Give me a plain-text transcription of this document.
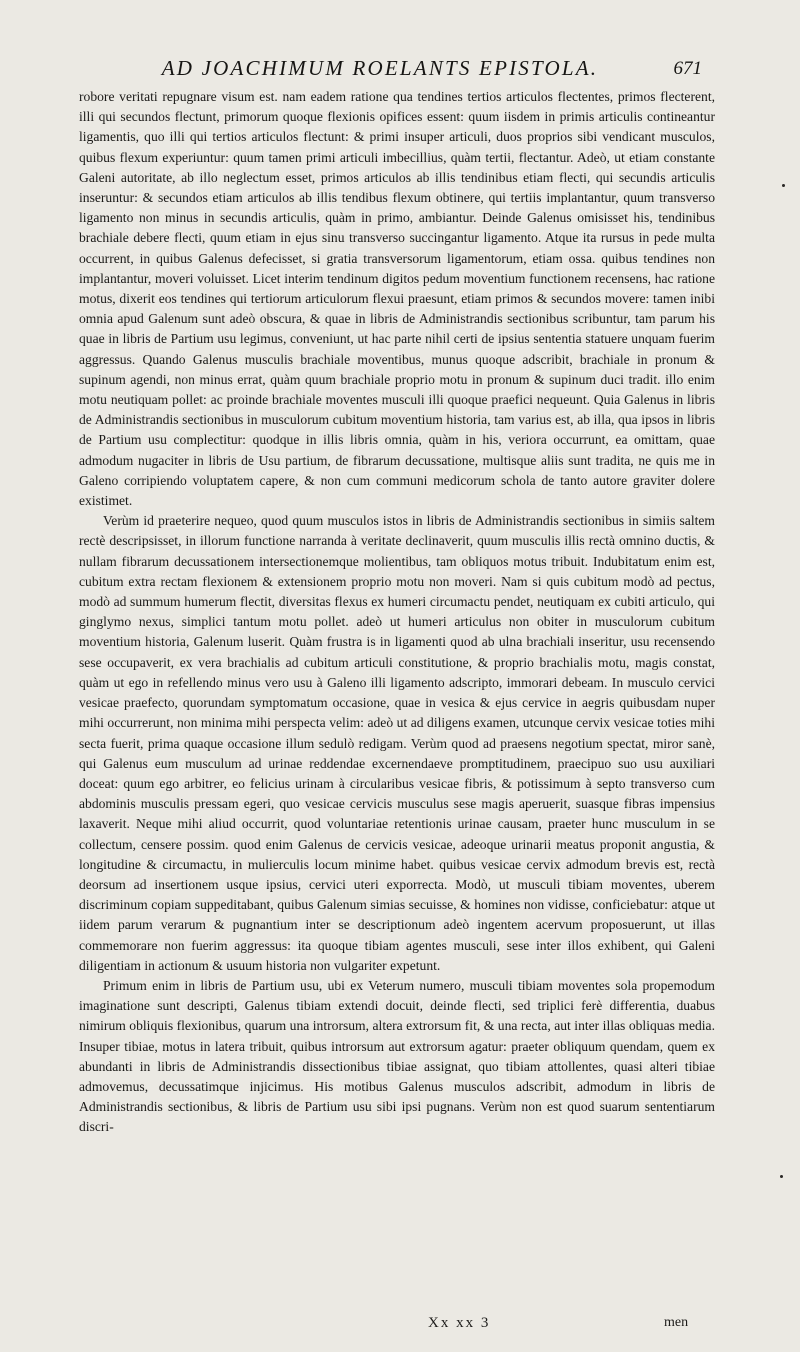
AD JOACHIMUM ROELANTS EPISTOLA.	671

robore veritati repugnare visum est. nam eadem ratione qua tendines tertios articulos flectentes, primos flecterent, illi qui secundos flectunt, primorum quoque flexionis opifices essent: quum iisdem in primis articulis contineantur ligamentis, quo illi qui tertios articulos flectunt: & primi insuper articuli, duos proprios sibi vendicant musculos, quibus flexum experiuntur: quum tamen primi articuli imbecillius, quàm tertii, flectantur. Adeò, ut etiam constante Galeni autoritate, ab illo neglectum esset, primos articulos ab illis tendinibus etiam flecti, qui secundis articulis inseruntur: & secundos etiam articulos ab illis tendibus flexum obtinere, qui tertiis implantantur, quum transverso ligamento non minus in secundis articulis, quàm in primo, ambiantur. Deinde Galenus omisisset his, tendinibus brachiale debere flecti, quum etiam in ejus sinu transverso succingantur ligamento. Atque ita rursus in pede multa occurrent, in quibus Galenus defecisset, si gratia transversorum ligamentorum, etiam ossa. quibus tendines non implantantur, moveri voluisset. Licet interim tendinum digitos pedum moventium functionem recensens, hac ratione motus, dixerit eos tendines qui tertiorum articulorum flexui praesunt, etiam primos & secundos movere: tamen inibi omnia apud Galenum sunt adeò obscura, & quae in libris de Administrandis sectionibus scribuntur, tam parum his quae in libris de Partium usu legimus, conveniunt, ut hac parte nihil certi de ipsius sententia statuere unquam fuerim aggressus. Quando Galenus musculis brachiale moventibus, munus quoque adscribit, brachiale in pronum & supinum agendi, non minus errat, quàm quum brachiale proprio motu in pronum & supinum duci tradit. illo enim motu neutiquam pollet: ac proinde brachiale moventes musculi illi quoque praefici nequeunt. Quia Galenus in libris de Administrandis sectionibus in musculorum cubitum moventium historia, tam varius est, ab illa, qua ipsos in libris de Partium usu complectitur: quodque in illis libris omnia, quàm in his, veriora occurrunt, ea omittam, quae admodum nugaciter in libris de Usu partium, de fibrarum decussatione, multisque aliis sunt tradita, ne quis me in Galeno corripiendo voluptatem capere, & non cum communi medicorum schola de tanto autore graviter dolere existimet.

Verùm id praeterire nequeo, quod quum musculos istos in libris de Administrandis sectionibus in simiis saltem rectè descripsisset, in illorum functione narranda à veritate declinaverit, quum musculis illis rectà omnino ductis, & nullam fibrarum decussationem intersectionemque molientibus, tam obliquos motus tribuit. Indubitatum enim est, cubitum extra rectam flexionem & extensionem proprio motu non moveri. Nam si quis cubitum modò ad pectus, modò ad summum humerum flectit, diversitas flexus ex humeri circumactu pendet, neutiquam ex cubiti articulo, qui ginglymo nexus, simplici tantum motu pollet. adeò ut humeri articulus non obiter in musculorum cubitum moventium historia, Galenum luserit. Quàm frustra is in ligamenti quod ab ulna brachiali inseritur, usu recensendo sese occupaverit, ex vera brachialis ad cubitum articuli constitutione, & proprio brachialis motu, magis constat, quàm ut ego in refellendo minus vero usu à Galeno illi ligamento adscripto, immorari debeam. In musculo cervici vesicae praefecto, quorundam symptomatum occasione, quae in vesica & ejus cervice in aegris quibusdam nuper mihi occurrerunt, non minima mihi perspecta velim: adeò ut ad diligens examen, utcunque cervix vesicae toties mihi secta fuerit, prima quaque occasione illum sedulò redigam. Verùm quod ad praesens negotium spectat, miror sanè, qui Galenus eum musculum ad urinae reddendae excernendaeve promptitudinem, praecipuo suo usu auxiliari doceat: quum ego arbitrer, eo felicius urinam à circularibus vesicae fibris, & potissimum à septo transverso cum abdominis musculis pressam egeri, quo vesicae cervicis musculus sese magis aperuerit, suasque fibras impensius laxaverit. Neque mihi aliud occurrit, quod voluntariae retentionis urinae causam, praeter hunc musculum in se collectum, censere possim. quod enim Galenus de cervicis vesicae, adeoque urinarii meatus proponit angustia, & longitudine & circumactu, in mulierculis locum minime habet. quibus vesicae cervix admodum brevis est, rectà deorsum ad insertionem usque ipsius, cervici uteri exporrecta. Modò, ut musculi tibiam moventes, uberem discriminum copiam suppeditabant, quibus Galenum simias secuisse, & homines non vidisse, conficiebatur: atque ut iidem parum verarum & pugnantium inter se descriptionum adeò ingentem acervum proposuerunt, ut illas commemorare non fuerim aggressus: ita quoque tibiam agentes musculi, sese inter illos exhibent, qui Galeni diligentiam in actionum & usuum historia non vulgariter expetunt.

Primum enim in libris de Partium usu, ubi ex Veterum numero, musculi tibiam moventes sola propemodum imaginatione sunt descripti, Galenus tibiam extendi docuit, deinde flecti, sed triplici ferè differentia, duabus nimirum obliquis flexionibus, quarum una introrsum, altera extrorsum fit, & una recta, aut inter illas obliquas media. Insuper tibiae, motus in latera tribuit, quibus introrsum aut extrorsum agatur: praeter obliquum quendam, quem ex abundanti in libris de Administrandis dissectionibus tibiae assignat, quo tibiam attollentes, quasi alteri tibiae admovemus, decussatimque injicimus. His motibus Galenus musculos adscribit, admodum in libris de Administrandis sectionibus, & libris de Partium usu sibi ipsi pugnans. Verùm non est quod suarum sententiarum discri-

Xx xx 3	men
